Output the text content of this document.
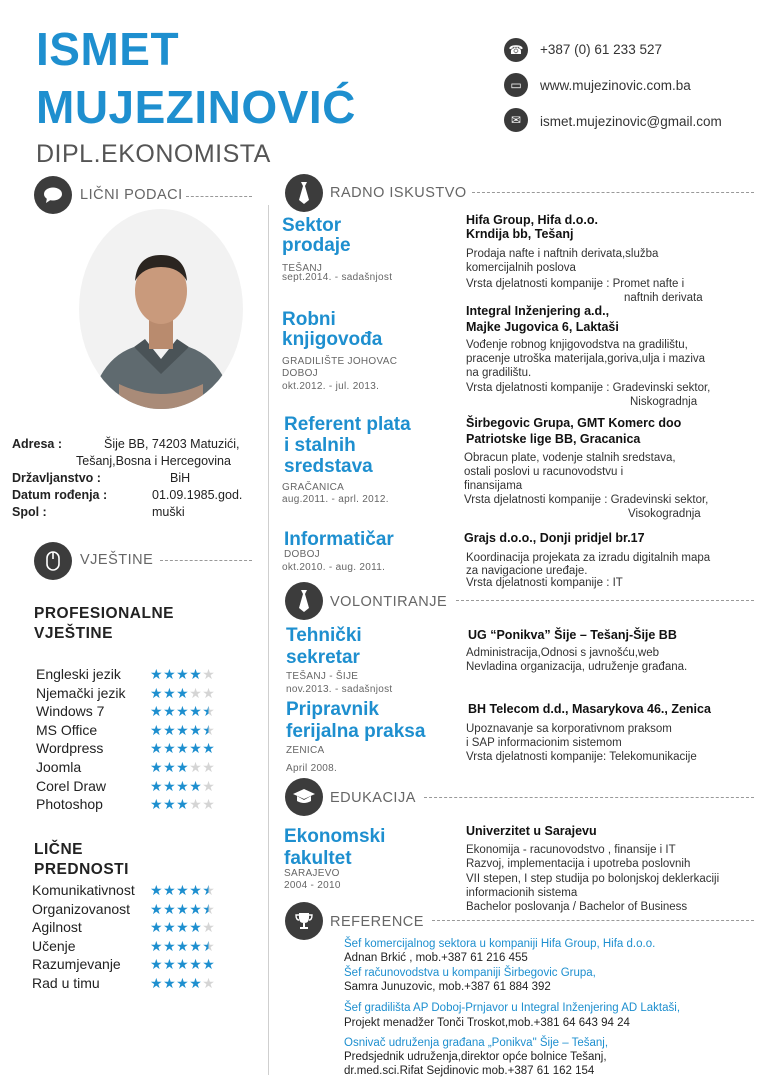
ISMET
MUJEZINOVIĆ
DIPL.EKONOMISTA
☎	+387 (0) 61 233 527
▭	www.mujezinovic.com.ba
✉	ismet.mujezinovic@gmail.com
LIČNI PODACI
Adresa :	Šije BB, 74203 Matuzići,
Tešanj,Bosna i Hercegovina
Državljanstvo :	BiH
Datum rođenja :	01.09.1985.god.
Spol :	muški
VJEŠTINE
PROFESIONALNE
VJEŠTINE
Engleski jezik ★★★★★
Njemački jezik ★★★★★
Windows 7	★★★★★
MS Office	★★★★★
Wordpress	★★★★★
Joomla	★★★★★
Corel Draw	★★★★★
Photoshop	★★★★★
LIČNE
PREDNOSTI
Komunikativnost ★★★★★
Organizovanost ★★★★★
Agilnost	★★★★★
Učenje	★★★★★
Razumjevanje ★★★★★
Rad u timu	★★★★★
RADNO ISKUSTVO
Sektor
prodaje
TEŠANJ
sept.2014. - sadašnjost
Hifa Group, Hifa d.o.o.
Krndija bb, Tešanj
Prodaja nafte i naftnih derivata,služba
komercijalnih poslova
Vrsta djelatnosti kompanije : Promet nafte i
naftnih derivata
Robni
knjigovođa
GRADILIŠTE JOHOVAC
DOBOJ
okt.2012. - jul. 2013.
Integral Inženjering a.d.,
Majke Jugovica 6, Laktaši
Vođenje robnog knjigovodstva na gradilištu,
pracenje utroška materijala,goriva,ulja i maziva
na gradilištu.
Vrsta djelatnosti kompanije : Gradevinski sektor,
Niskogradnja
Referent plata
i stalnih
sredstava
GRAČANICA
aug.2011. - aprl. 2012.
Širbegovic Grupa, GMT Komerc doo
Patriotske lige BB, Gracanica
Obracun plate, vodenje stalnih sredstava,
ostali poslovi u racunovodstvu i
finansijama
Vrsta djelatnosti kompanije : Gradevinski sektor,
Visokogradnja
Informatičar
DOBOJ
okt.2010. - aug. 2011.
Grajs d.o.o., Donji pridjel br.17
Koordinacija projekata za izradu digitalnih mapa
za navigacione uređaje.
Vrsta djelatnosti kompanije : IT
VOLONTIRANJE
Tehnički
sekretar
TEŠANJ - ŠIJE
nov.2013. - sadašnjost
UG “Ponikva” Šije – Tešanj-Šije BB
Administracija,Odnosi s javnošću,web
Nevladina organizacija, udruženje građana.
Pripravnik
ferijalna praksa
ZENICA
April 2008.
BH Telecom d.d., Masarykova 46., Zenica
Upoznavanje sa korporativnom praksom
i SAP informacionim sistemom
Vrsta djelatnosti kompanije: Telekomunikacije
EDUKACIJA
Ekonomski
fakultet
SARAJEVO
2004 - 2010
Univerzitet u Sarajevu
Ekonomija - racunovodstvo , finansije i IT
Razvoj, implementacija i upotreba poslovnih
VII stepen, I step studija po bolonjskoj deklerkaciji
informacionih sistema
Bachelor poslovanja / Bachelor of Business
REFERENCE
Šef komercijalnog sektora u kompaniji Hifa Group, Hifa d.o.o.
Adnan Brkić , mob.+387 61 216 455
Šef računovodstva u kompaniji Širbegovic Grupa,
Samra Junuzovic, mob.+387 61 884 392
Šef gradilišta AP Doboj-Prnjavor u Integral Inženjering AD Laktaši,
Projekt menadžer Tonči Troskot,mob.+381 64 643 94 24
Osnivač udruženja građana „Ponikva" Šije – Tešanj,
Predsjednik udruženja,direktor opće bolnice Tešanj,
dr.med.sci.Rifat Sejdinovic mob.+387 61 162 154
